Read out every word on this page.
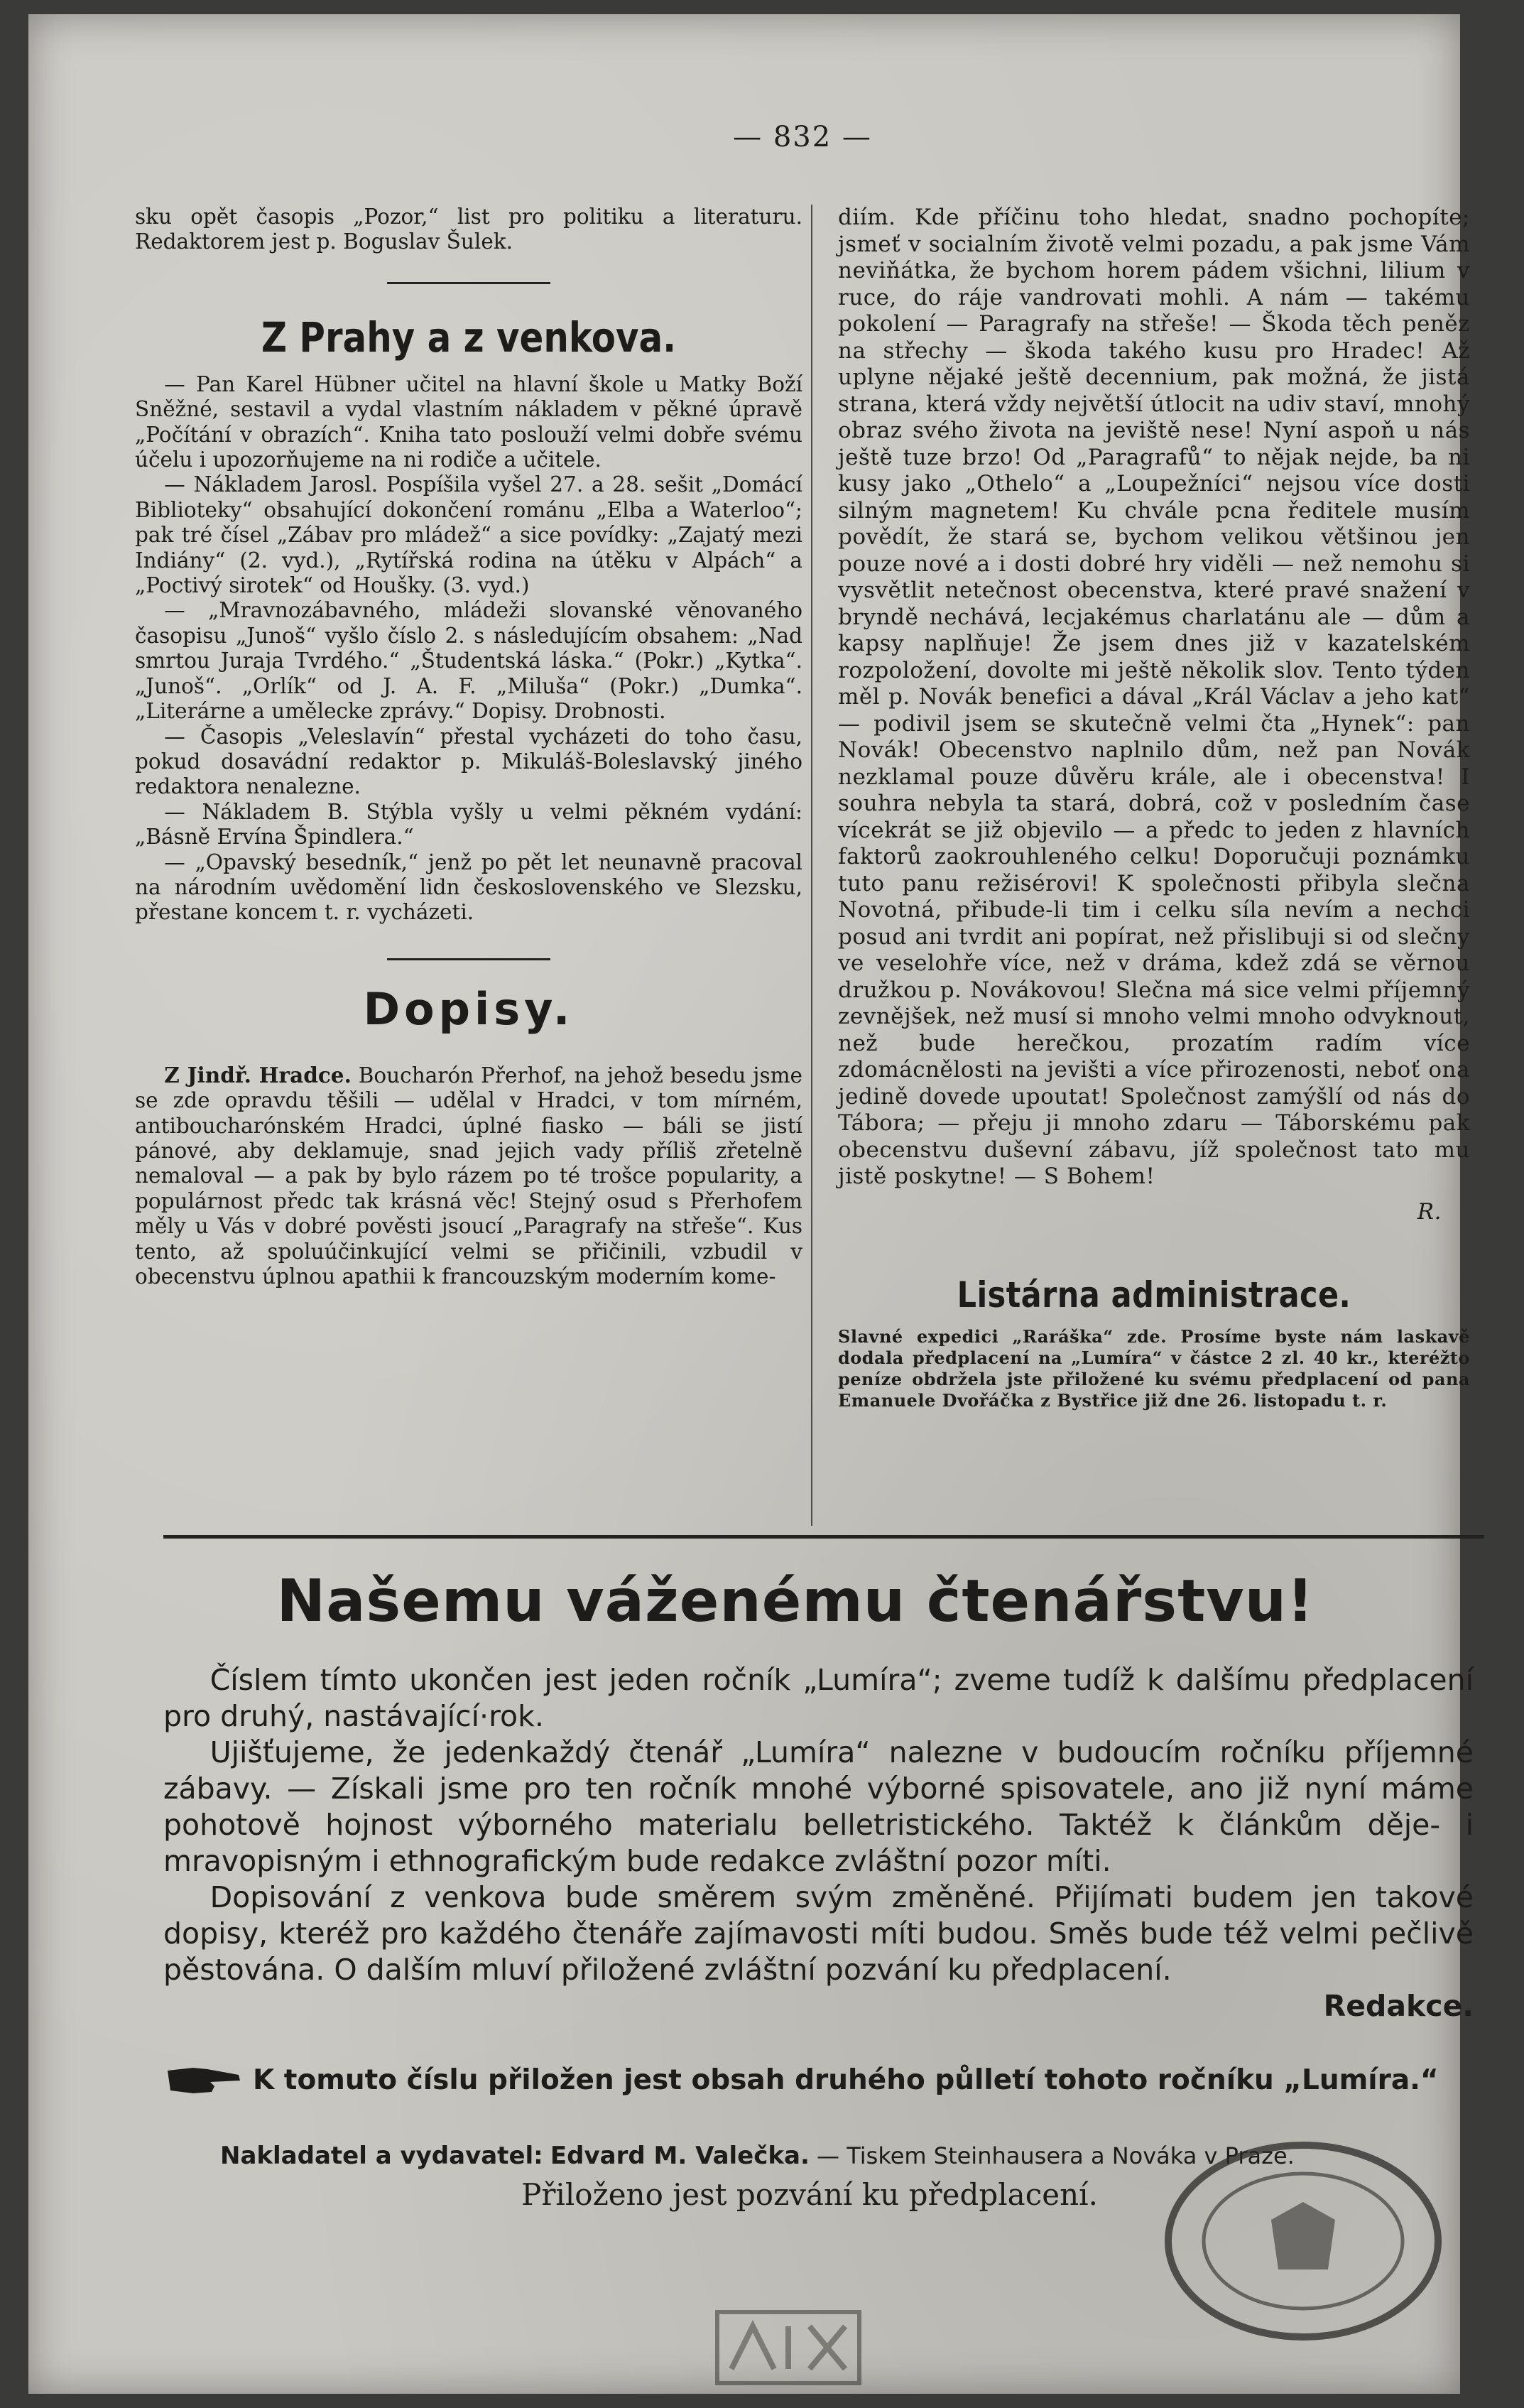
— 832 —

sku opět časopis „Pozor,“ list pro politiku a literaturu. Redaktorem jest p. Boguslav Šulek.

Z Prahy a z venkova.

— Pan Karel Hübner učitel na hlavní škole u Matky Boží Sněžné, sestavil a vydal vlastním nákladem v pěkné úpravě „Počítání v obrazích“. Kniha tato poslouží velmi dobře svému účelu i upozorňujeme na ni rodiče a učitele.

— Nákladem Jarosl. Pospíšila vyšel 27. a 28. sešit „Domácí Biblioteky“ obsahující dokončení románu „Elba a Waterloo“; pak tré čísel „Zábav pro mládež“ a sice povídky: „Zajatý mezi Indiány“ (2. vyd.), „Rytířská rodina na útěku v Alpách“ a „Poctivý sirotek“ od Houšky. (3. vyd.)

— „Mravnozábavného, mládeži slovanské věnovaného časopisu „Junoš“ vyšlo číslo 2. s následujícím obsahem: „Nad smrtou Juraja Tvrdého.“ „Študentská láska.“ (Pokr.) „Kytka“. „Junoš“. „Orlík“ od J. A. F. „Miluša“ (Pokr.) „Dumka“. „Literárne a umělecke zprávy.“ Dopisy. Drobnosti.

— Časopis „Veleslavín“ přestal vycházeti do toho času, pokud dosavádní redaktor p. Mikuláš-Boleslavský jiného redaktora nenalezne.

— Nákladem B. Stýbla vyšly u velmi pěkném vydání: „Básně Ervína Špindlera.“

— „Opavský besedník,“ jenž po pět let neunavně pracoval na národním uvědomění lidn československého ve Slezsku, přestane koncem t. r. vycházeti.

Dopisy.

Z Jindř. Hradce. Boucharón Přerhof, na jehož besedu jsme se zde opravdu těšili — udělal v Hradci, v tom mírném, antiboucharónském Hradci, úplné fiasko — báli se jistí pánové, aby deklamuje, snad jejich vady příliš zřetelně nemaloval — a pak by bylo rázem po té trošce popularity, a populárnost předc tak krásná věc! Stejný osud s Přerhofem měly u Vás v dobré pověsti jsoucí „Paragrafy na střeše“. Kus tento, až spoluúčinkující velmi se přičinili, vzbudil v obecenstvu úplnou apathii k francouzským moderním kome-

diím. Kde příčinu toho hledat, snadno pochopíte; jsmeť v socialním životě velmi pozadu, a pak jsme Vám neviňátka, že bychom horem pádem všichni, lilium v ruce, do ráje vandrovati mohli. A nám — takému pokolení — Paragrafy na střeše! — Škoda těch peněz na střechy — škoda takého kusu pro Hradec! Až uplyne nějaké ještě decennium, pak možná, že jistá strana, která vždy největší útlocit na udiv staví, mnohý obraz svého života na jeviště nese! Nyní aspoň u nás ještě tuze brzo! Od „Paragrafů“ to nějak nejde, ba ni kusy jako „Othelo“ a „Loupežníci“ nejsou více dosti silným magnetem! Ku chvále pcna ředitele musím povědít, že stará se, bychom velikou většinou jen pouze nové a i dosti dobré hry viděli — než nemohu si vysvětlit netečnost obecenstva, které pravé snažení v bryndě nechává, lecjakémus charlatánu ale — dům a kapsy naplňuje! Že jsem dnes již v kazatelském rozpoložení, dovolte mi ještě několik slov. Tento týden měl p. Novák benefici a dával „Král Václav a jeho kat“ — podivil jsem se skutečně velmi čta „Hynek“: pan Novák! Obecenstvo naplnilo dům, než pan Novák nezklamal pouze důvěru krále, ale i obecenstva! I souhra nebyla ta stará, dobrá, což v posledním čase vícekrát se již objevilo — a předc to jeden z hlavních faktorů zaokrouhleného celku! Doporučuji poznámku tuto panu režisérovi! K společnosti přibyla slečna Novotná, přibude-li tim i celku síla nevím a nechci posud ani tvrdit ani popírat, než přislibuji si od slečny ve veselohře více, než v dráma, kdež zdá se věrnou družkou p. Novákovou! Slečna má sice velmi příjemný zevnějšek, než musí si mnoho velmi mnoho odvyknout, než bude herečkou, prozatím radím více zdomácnělosti na jevišti a více přirozenosti, neboť ona jedině dovede upoutat! Společnost zamýšlí od nás do Tábora; — přeju ji mnoho zdaru — Táborskému pak obecenstvu duševní zábavu, jíž společnost tato mu jistě poskytne! — S Bohem!

R.
Listárna administrace.
Slavné expedici „Raráška“ zde. Prosíme byste nám laskavě dodala předplacení na „Lumíra“ v částce 2 zl. 40 kr., kteréžto peníze obdržela jste přiložené ku svému předplacení od pana Emanuele Dvořáčka z Bystřice již dne 26. listopadu t. r.
Našemu váženému čtenářstvu!

Číslem tímto ukončen jest jeden ročník „Lumíra“; zveme tudíž k dalšímu předplacení pro druhý, nastávající·rok.

Ujišťujeme, že jedenkaždý čtenář „Lumíra“ nalezne v budoucím ročníku příjemné zábavy. — Získali jsme pro ten ročník mnohé výborné spisovatele, ano již nyní máme pohotově hojnost výborného materialu belletristického. Taktéž k článkům děje- i mravopisným i ethnografickým bude redakce zvláštní pozor míti.

Dopisování z venkova bude směrem svým změněné. Přijímati budem jen takové dopisy, kteréž pro každého čtenáře zajímavosti míti budou. Směs bude též velmi pečlivě pěstována. O dalším mluví přiložené zvláštní pozvání ku předplacení.

Redakce.

K tomuto číslu přiložen jest obsah druhého půlletí tohoto ročníku „Lumíra.“
Nakladatel a vydavatel: Edvard M. Valečka. — Tiskem Steinhausera a Nováka v Praze.
Přiloženo jest pozvání ku předplacení.
